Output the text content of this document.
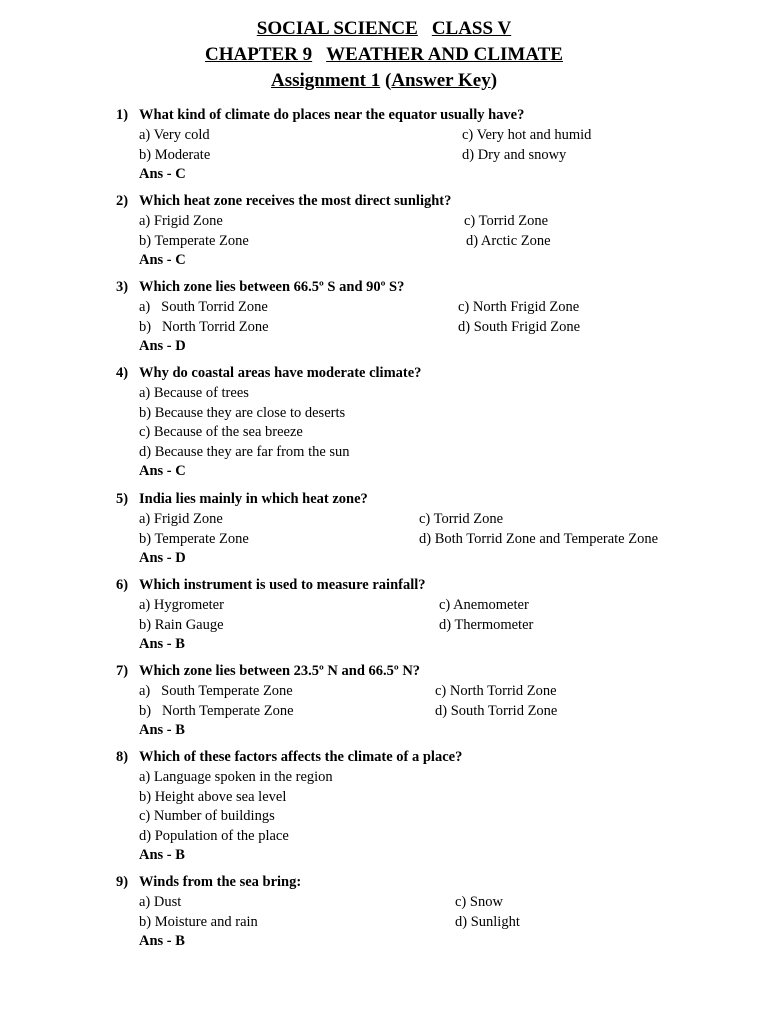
SOCIAL SCIENCE CLASS V
CHAPTER 9 WEATHER AND CLIMATE
Assignment 1 (Answer Key)
1) What kind of climate do places near the equator usually have?
a) Very cold	c) Very hot and humid
b) Moderate	d) Dry and snowy
Ans - C
2) Which heat zone receives the most direct sunlight?
a) Frigid Zone	c) Torrid Zone
b) Temperate Zone	d) Arctic Zone
Ans - C
3) Which zone lies between 66.5º S and 90º S?
a)   South Torrid Zone	c) North Frigid Zone
b)   North Torrid Zone	d) South Frigid Zone
Ans - D
4) Why do coastal areas have moderate climate?
a) Because of trees
b) Because they are close to deserts
c) Because of the sea breeze
d) Because they are far from the sun
Ans - C
5) India lies mainly in which heat zone?
a) Frigid Zone	c) Torrid Zone
b) Temperate Zone	d) Both Torrid Zone and Temperate Zone
Ans - D
6) Which instrument is used to measure rainfall?
a) Hygrometer	c) Anemometer
b) Rain Gauge	d) Thermometer
Ans - B
7) Which zone lies between 23.5º N and 66.5º N?
a)   South Temperate Zone	c) North Torrid Zone
b)   North Temperate Zone	d) South Torrid Zone
Ans - B
8) Which of these factors affects the climate of a place?
a) Language spoken in the region
b) Height above sea level
c) Number of buildings
d) Population of the place
Ans - B
9) Winds from the sea bring:
a) Dust	c) Snow
b) Moisture and rain	d) Sunlight
Ans - B
